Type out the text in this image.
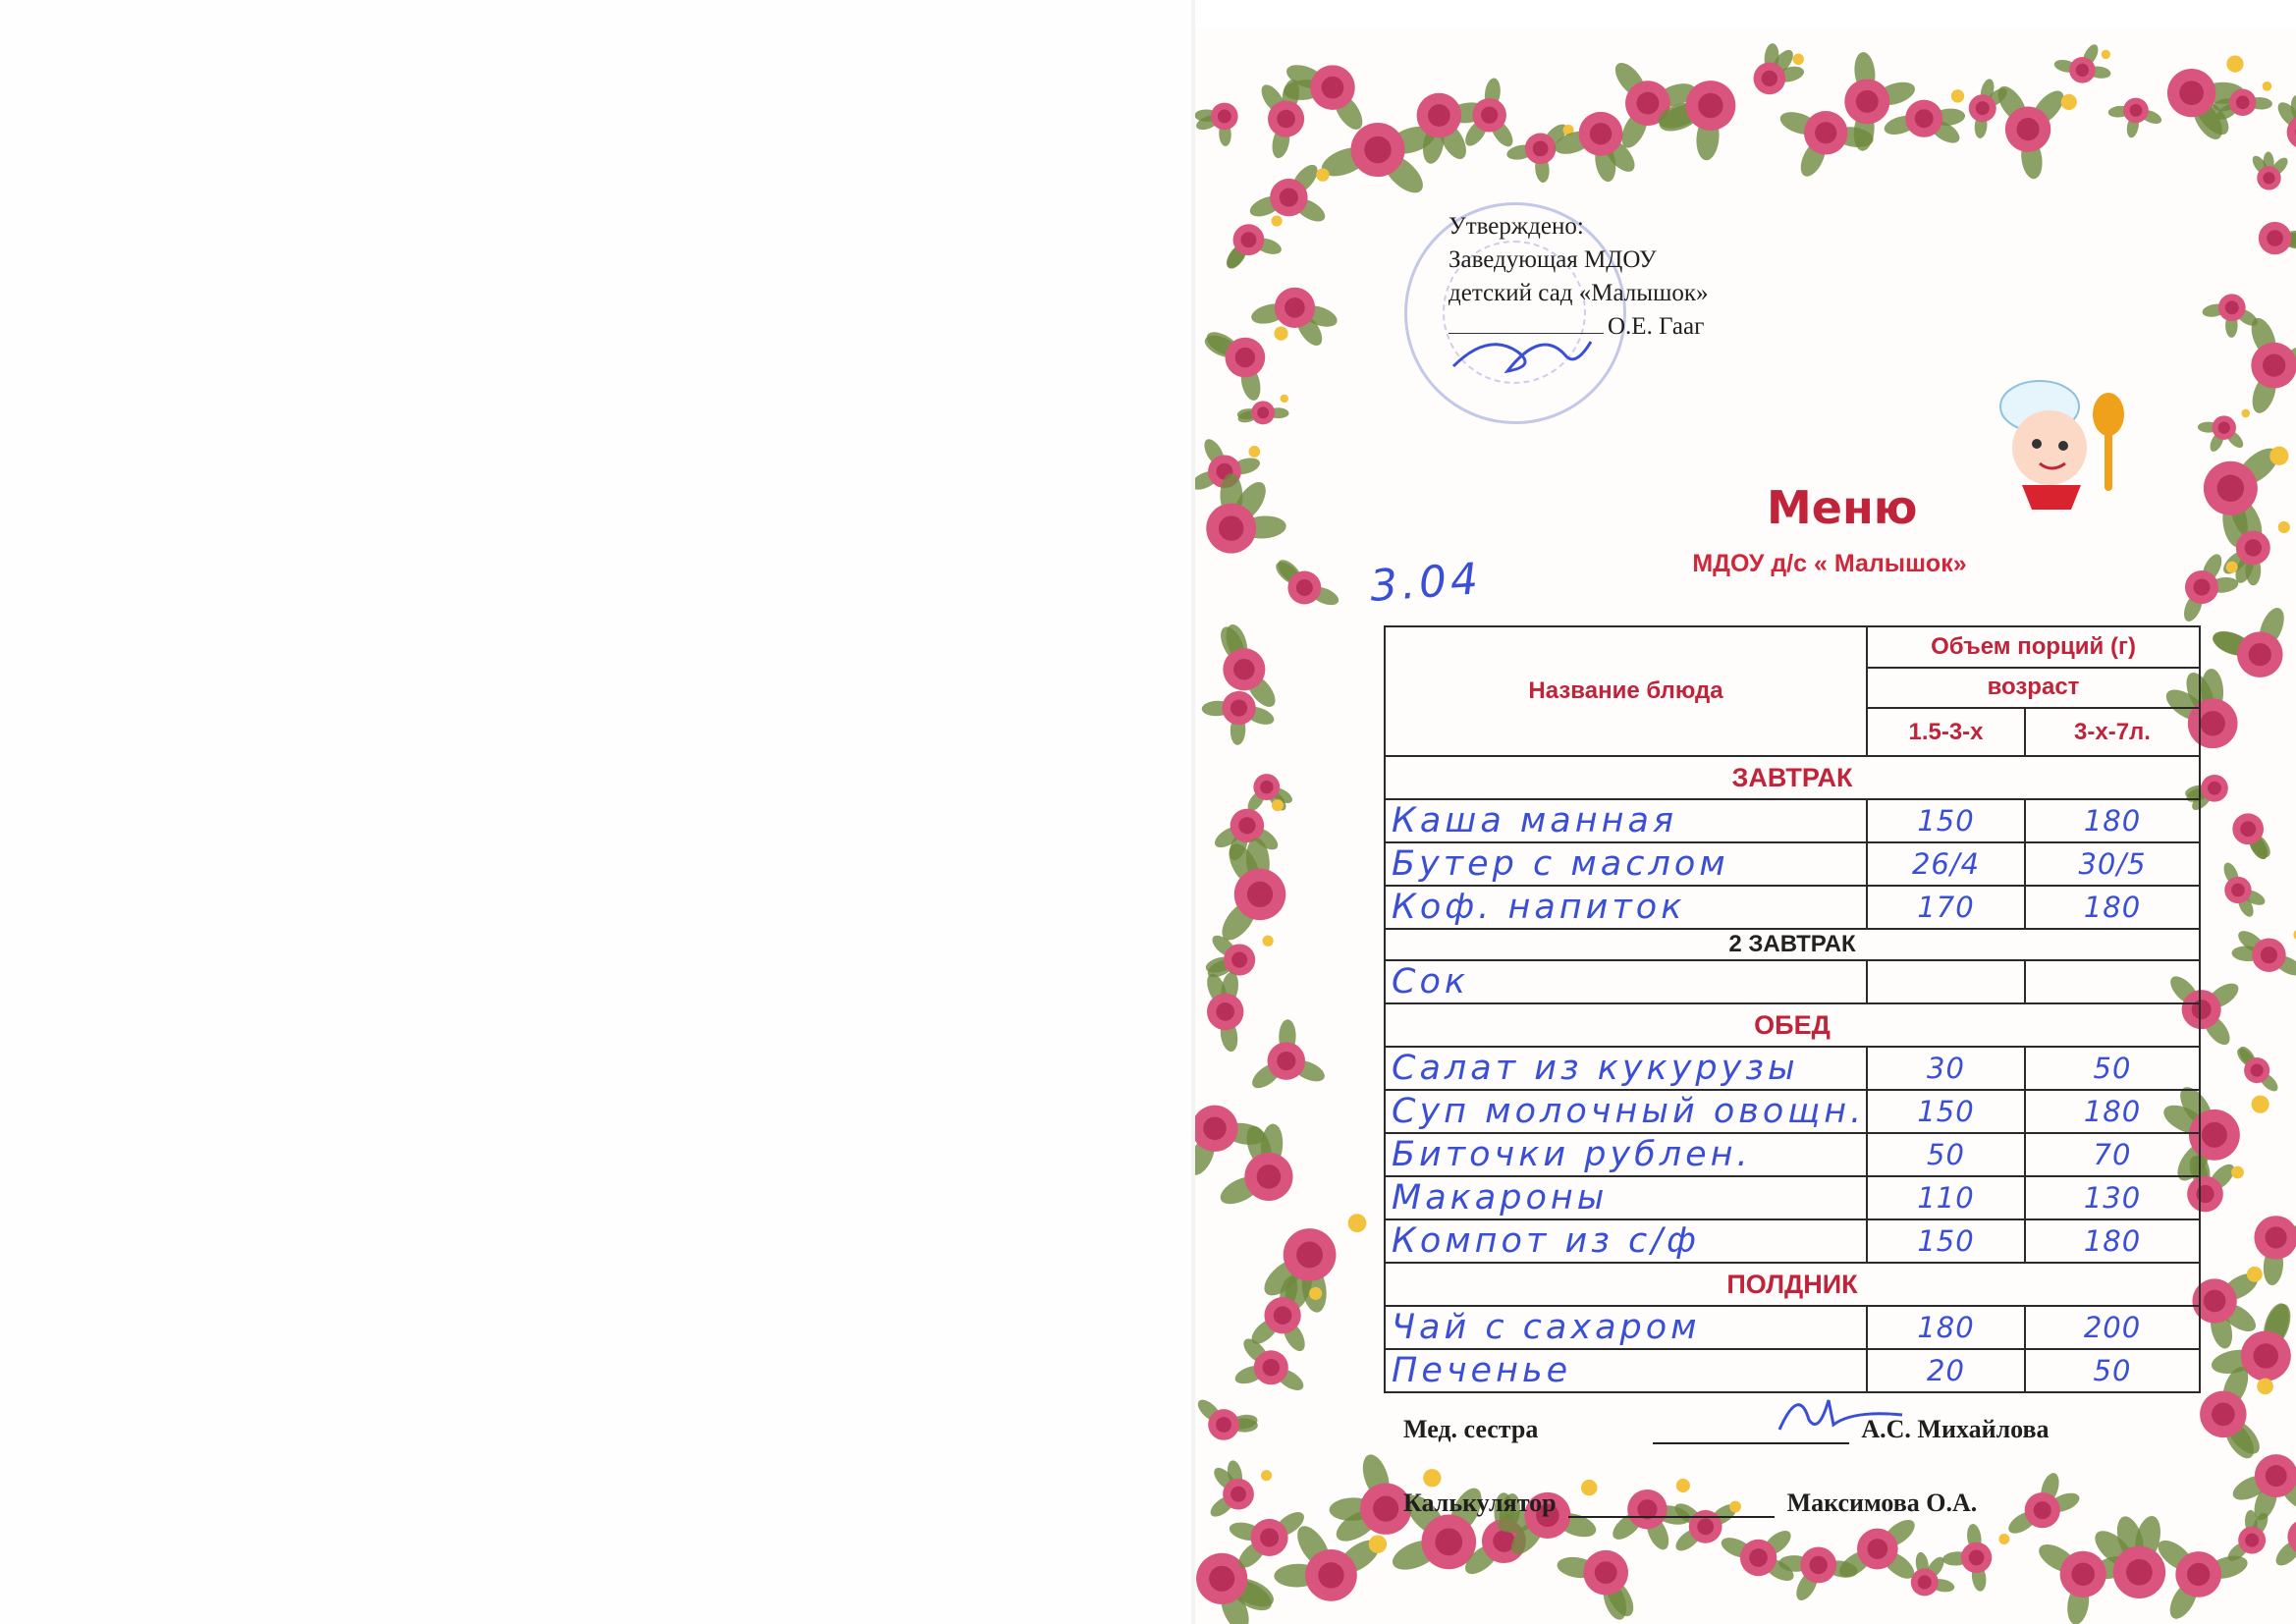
Утверждено:
Заведующая МДОУ
детский сад «Малышок»
О.Е. Гааг
Меню
МДОУ д/с « Малышок»
3.04
Название блюда	Объем порций (г)	
	возраст	
	1.5-3-х	3-х-7л.
ЗАВТРАК		
Каша манная	150	180
Бутер с маслом	26/4	30/5
Коф. напиток	170	180
2 ЗАВТРАК		
Сок		
ОБЕД		
Салат из кукурузы	30	50
Суп молочный овощн.	150	180
Биточки рублен.	50	70
Макароны	110	130
Компот из с/ф	150	180
ПОЛДНИК		
Чай с сахаром	180	200
Печенье	20	50
Мед. сестра	А.С. Михайлова
Калькулятор	Максимова О.А.
